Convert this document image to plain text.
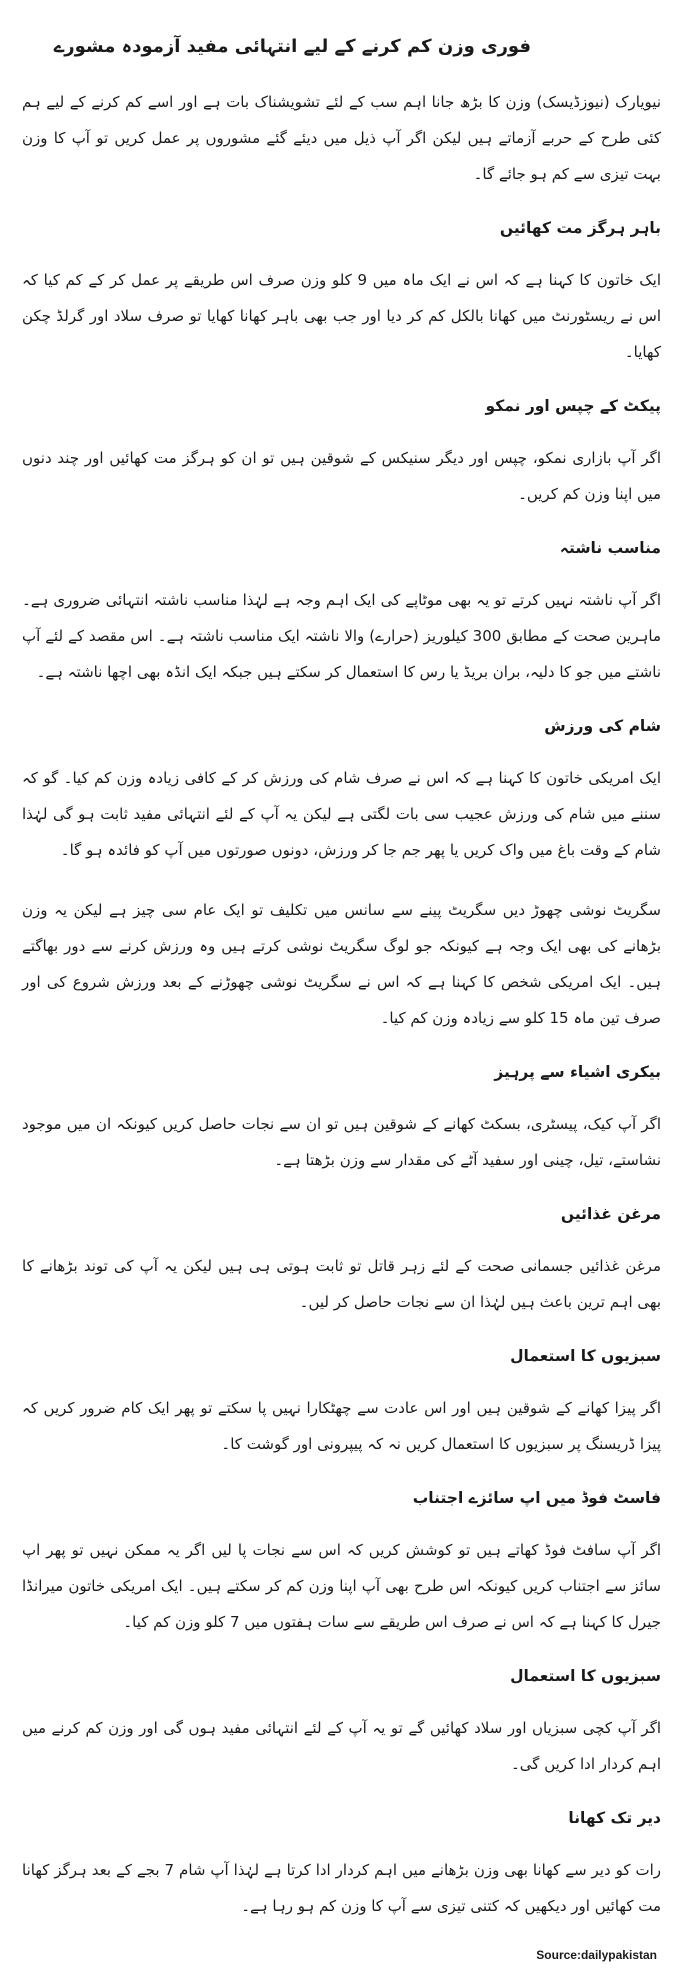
فوری وزن کم کرنے کے لیے انتہائی مفید آزمودہ مشورے
نیویارک (نیوزڈیسک) وزن کا بڑھ جانا اہم سب کے لئے تشویشناک بات ہے اور اسے کم کرنے کے لیے ہم کئی طرح کے حربے آزماتے ہیں لیکن اگر آپ ذیل میں دیئے گئے مشوروں پر عمل کریں تو آپ کا وزن بہت تیزی سے کم ہو جائے گا۔
باہر ہرگز مت کھائیں
ایک خاتون کا کہنا ہے کہ اس نے ایک ماہ میں 9 کلو وزن صرف اس طریقے پر عمل کر کے کم کیا کہ اس نے ریسٹورنٹ میں کھانا بالکل کم کر دیا اور جب بھی باہر کھانا کھایا تو صرف سلاد اور گرلڈ چکن کھایا۔
پیکٹ کے چپس اور نمکو
اگر آپ بازاری نمکو، چپس اور دیگر سنیکس کے شوقین ہیں تو ان کو ہرگز مت کھائیں اور چند دنوں میں اپنا وزن کم کریں۔
مناسب ناشتہ
اگر آپ ناشتہ نہیں کرتے تو یہ بھی موٹاپے کی ایک اہم وجہ ہے لہٰذا مناسب ناشتہ انتہائی ضروری ہے۔ ماہرین صحت کے مطابق 300 کیلوریز (حرارے) والا ناشتہ ایک مناسب ناشتہ ہے۔ اس مقصد کے لئے آپ ناشتے میں جو کا دلیہ، بران بریڈ یا رس کا استعمال کر سکتے ہیں جبکہ ایک انڈہ بھی اچھا ناشتہ ہے۔
شام کی ورزش
ایک امریکی خاتون کا کہنا ہے کہ اس نے صرف شام کی ورزش کر کے کافی زیادہ وزن کم کیا۔ گو کہ سننے میں شام کی ورزش عجیب سی بات لگتی ہے لیکن یہ آپ کے لئے انتہائی مفید ثابت ہو گی لہٰذا شام کے وقت باغ میں واک کریں یا پھر جم جا کر ورزش، دونوں صورتوں میں آپ کو فائدہ ہو گا۔
سگریٹ نوشی چھوڑ دیں سگریٹ پینے سے سانس میں تکلیف تو ایک عام سی چیز ہے لیکن یہ وزن بڑھانے کی بھی ایک وجہ ہے کیونکہ جو لوگ سگریٹ نوشی کرتے ہیں وہ ورزش کرنے سے دور بھاگتے ہیں۔ ایک امریکی شخص کا کہنا ہے کہ اس نے سگریٹ نوشی چھوڑنے کے بعد ورزش شروع کی اور صرف تین ماہ 15 کلو سے زیادہ وزن کم کیا۔
بیکری اشیاء سے پرہیز
اگر آپ کیک، پیسٹری، بسکٹ کھانے کے شوقین ہیں تو ان سے نجات حاصل کریں کیونکہ ان میں موجود نشاستے، تیل، چینی اور سفید آٹے کی مقدار سے وزن بڑھتا ہے۔
مرغن غذائیں
مرغن غذائیں جسمانی صحت کے لئے زہر قاتل تو ثابت ہوتی ہی ہیں لیکن یہ آپ کی توند بڑھانے کا بھی اہم ترین باعث ہیں لہٰذا ان سے نجات حاصل کر لیں۔
سبزیوں کا استعمال
اگر پیزا کھانے کے شوقین ہیں اور اس عادت سے چھٹکارا نہیں پا سکتے تو پھر ایک کام ضرور کریں کہ پیزا ڈریسنگ پر سبزیوں کا استعمال کریں نہ کہ پیپرونی اور گوشت کا۔
فاسٹ فوڈ میں اپ سائزے اجتناب
اگر آپ سافٹ فوڈ کھاتے ہیں تو کوشش کریں کہ اس سے نجات پا لیں اگر یہ ممکن نہیں تو پھر اپ سائز سے اجتناب کریں کیونکہ اس طرح بھی آپ اپنا وزن کم کر سکتے ہیں۔ ایک امریکی خاتون میرانڈا جیرل کا کہنا ہے کہ اس نے صرف اس طریقے سے سات ہفتوں میں 7 کلو وزن کم کیا۔
سبزیوں کا استعمال
اگر آپ کچی سبزیاں اور سلاد کھائیں گے تو یہ آپ کے لئے انتہائی مفید ہوں گی اور وزن کم کرنے میں اہم کردار ادا کریں گی۔
دیر تک کھانا
رات کو دیر سے کھانا بھی وزن بڑھانے میں اہم کردار ادا کرتا ہے لہٰذا آپ شام 7 بجے کے بعد ہرگز کھانا مت کھائیں اور دیکھیں کہ کتنی تیزی سے آپ کا وزن کم ہو رہا ہے۔
Source:dailypakistan
